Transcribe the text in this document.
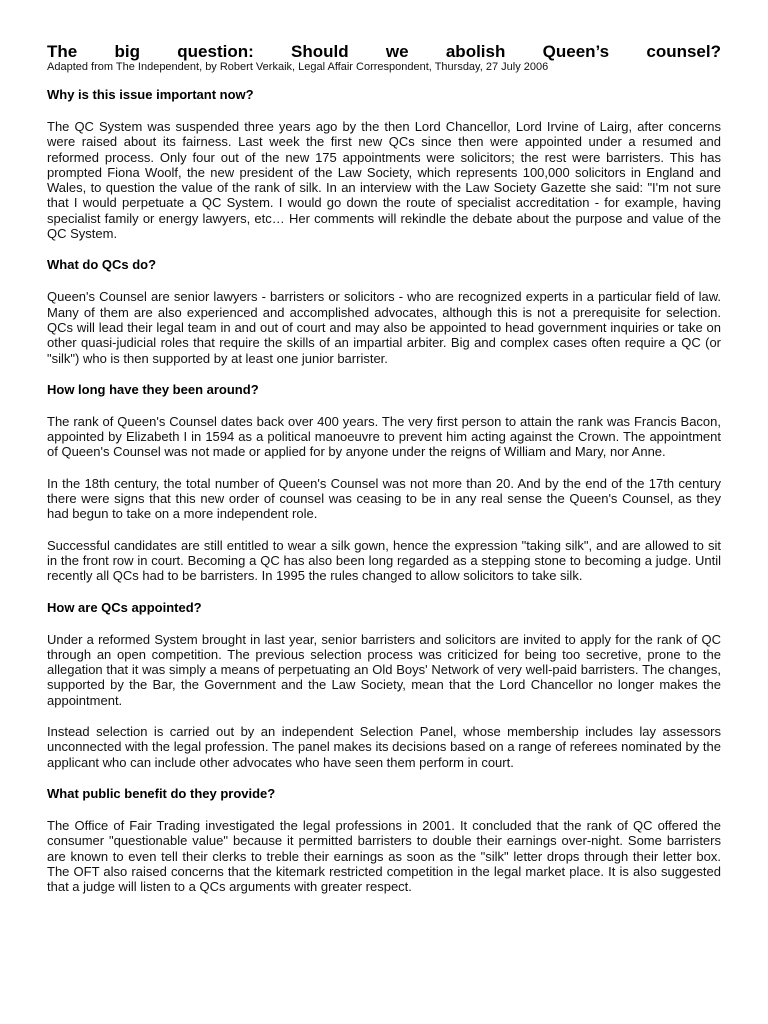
The big question: Should we abolish Queen’s counsel?

Adapted from The Independent, by Robert Verkaik, Legal Affair Correspondent, Thursday, 27 July 2006

Why is this issue important now?

The QC System was suspended three years ago by the then Lord Chancellor, Lord Irvine of Lairg, after concerns were raised about its fairness. Last week the first new QCs since then were appointed under a resumed and reformed process. Only four out of the new 175 appointments were solicitors; the rest were barristers. This has prompted Fiona Woolf, the new president of the Law Society, which represents 100,000 solicitors in England and Wales, to question the value of the rank of silk. In an interview with the Law Society Gazette she said: "I'm not sure that I would perpetuate a QC System. I would go down the route of specialist accreditation - for example, having specialist family or energy lawyers, etc… Her comments will rekindle the debate about the purpose and value of the QC System.

What do QCs do?

Queen's Counsel are senior lawyers - barristers or solicitors - who are recognized experts in a particular field of law. Many of them are also experienced and accomplished advocates, although this is not a prerequisite for selection. QCs will lead their legal team in and out of court and may also be appointed to head government inquiries or take on other quasi-judicial roles that require the skills of an impartial arbiter. Big and complex cases often require a QC (or "silk") who is then supported by at least one junior barrister.

How long have they been around?

The rank of Queen's Counsel dates back over 400 years. The very first person to attain the rank was Francis Bacon, appointed by Elizabeth I in 1594 as a political manoeuvre to prevent him acting against the Crown. The appointment of Queen's Counsel was not made or applied for by anyone under the reigns of William and Mary, nor Anne.

In the 18th century, the total number of Queen's Counsel was not more than 20. And by the end of the 17th century there were signs that this new order of counsel was ceasing to be in any real sense the Queen's Counsel, as they had begun to take on a more independent role.

Successful candidates are still entitled to wear a silk gown, hence the expression "taking silk", and are allowed to sit in the front row in court. Becoming a QC has also been long regarded as a stepping stone to becoming a judge. Until recently all QCs had to be barristers. In 1995 the rules changed to allow solicitors to take silk.

How are QCs appointed?

Under a reformed System brought in last year, senior barristers and solicitors are invited to apply for the rank of QC through an open competition. The previous selection process was criticized for being too secretive, prone to the allegation that it was simply a means of perpetuating an Old Boys' Network of very well-paid barristers. The changes, supported by the Bar, the Government and the Law Society, mean that the Lord Chancellor no longer makes the appointment.

Instead selection is carried out by an independent Selection Panel, whose membership includes lay assessors unconnected with the legal profession. The panel makes its decisions based on a range of referees nominated by the applicant who can include other advocates who have seen them perform in court.

What public benefit do they provide?

The Office of Fair Trading investigated the legal professions in 2001. It concluded that the rank of QC offered the consumer "questionable value" because it permitted barristers to double their earnings over-night. Some barristers are known to even tell their clerks to treble their earnings as soon as the "silk" letter drops through their letter box. The OFT also raised concerns that the kitemark restricted competition in the legal market place. It is also suggested that a judge will listen to a QCs arguments with greater respect.
